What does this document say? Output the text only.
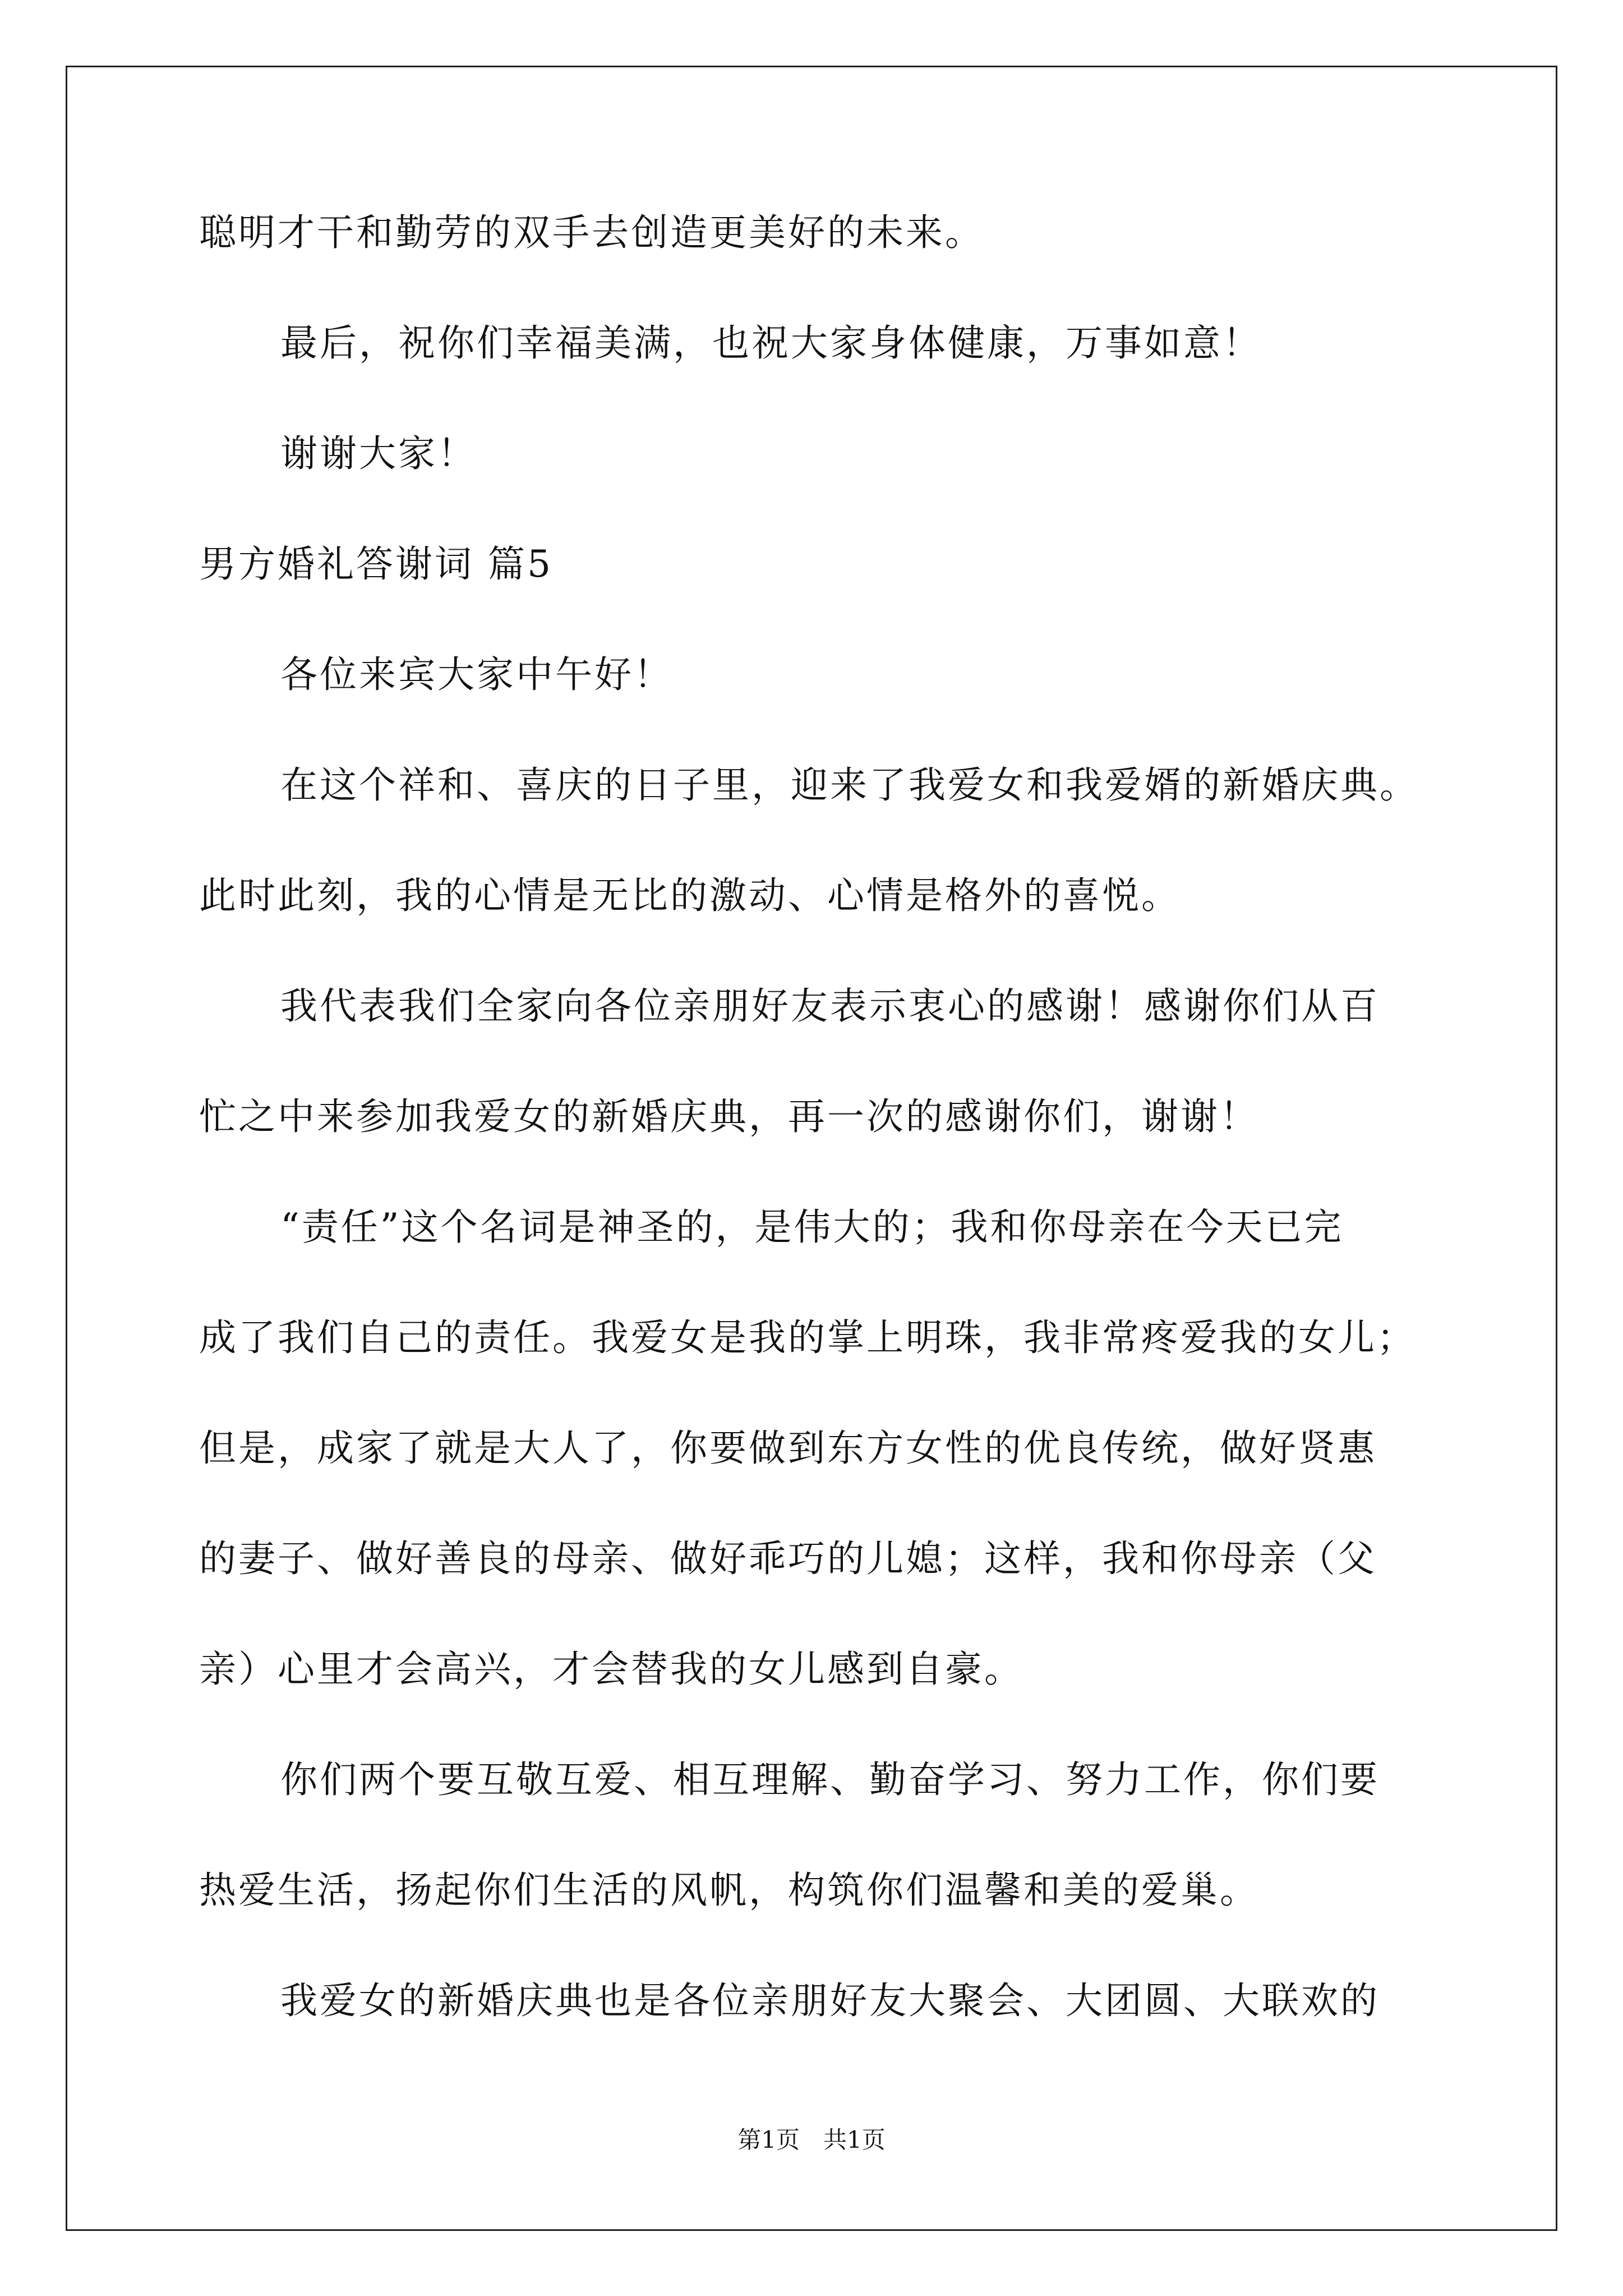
聪明才干和勤劳的双手去创造更美好的未来。
最后，祝你们幸福美满，也祝大家身体健康，万事如意！
谢谢大家！
男方婚礼答谢词 篇5
各位来宾大家中午好！
在这个祥和、喜庆的日子里，迎来了我爱女和我爱婿的新婚庆典。
此时此刻，我的心情是无比的激动、心情是格外的喜悦。
我代表我们全家向各位亲朋好友表示衷心的感谢！感谢你们从百
忙之中来参加我爱女的新婚庆典，再一次的感谢你们，谢谢！
“责任”这个名词是神圣的，是伟大的；我和你母亲在今天已完
成了我们自己的责任。我爱女是我的掌上明珠，我非常疼爱我的女儿；
但是，成家了就是大人了，你要做到东方女性的优良传统，做好贤惠
的妻子、做好善良的母亲、做好乖巧的儿媳；这样，我和你母亲（父
亲）心里才会高兴，才会替我的女儿感到自豪。
你们两个要互敬互爱、相互理解、勤奋学习、努力工作，你们要
热爱生活，扬起你们生活的风帆，构筑你们温馨和美的爱巢。
我爱女的新婚庆典也是各位亲朋好友大聚会、大团圆、大联欢的
第1页　共1页
